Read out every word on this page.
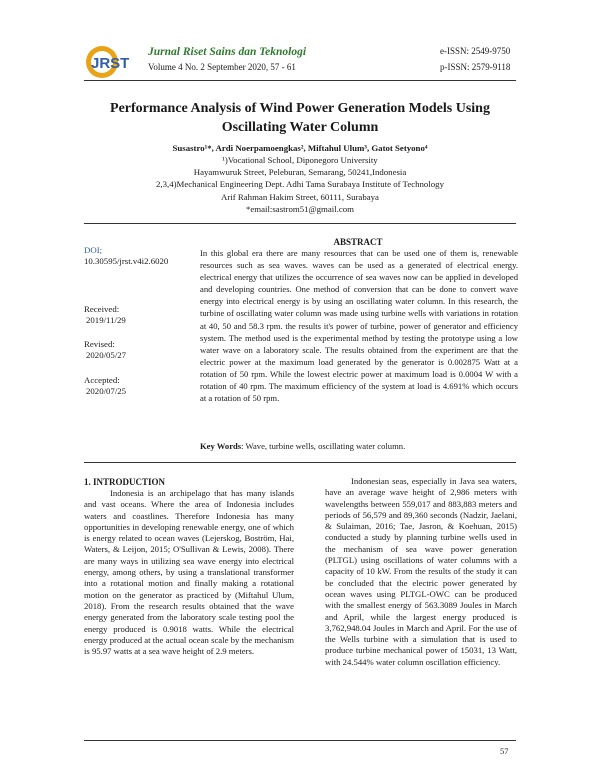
JRST
Jurnal Riset Sains dan Teknologi
Volume 4 No. 2 September 2020, 57 - 61
e-ISSN: 2549-9750
p-ISSN: 2579-9118
Performance Analysis of Wind Power Generation Models Using
Oscillating Water Column
Susastro¹*, Ardi Noerpamoengkas², Miftahul Ulum³, Gatot Setyono⁴
¹)Vocational School, Diponegoro University
Hayamwuruk Street, Peleburan, Semarang, 50241,Indonesia
2,3,4)Mechanical Engineering Dept. Adhi Tama Surabaya Institute of Technology
Arif Rahman Hakim Street, 60111, Surabaya
*email:sastrom51@gmail.com
ABSTRACT
DOI;
10.30595/jrst.v4i2.6020
Received:
2019/11/29
Revised:
2020/05/27
Accepted:
2020/07/25
In this global era there are many resources that can be used one of them is, renewable resources such as sea waves. waves can be used as a generated of electrical energy. electrical energy that utilizes the occurrence of sea waves now can be applied in developed and developing countries. One method of conversion that can be done to convert wave energy into electrical energy is by using an oscillating water column. In this research, the turbine of oscillating water column was made using turbine wells with variations in rotation at 40, 50 and 58.3 rpm. the results it's power of turbine, power of generator and efficiency system. The method used is the experimental method by testing the prototype using a low water wave on a laboratory scale. The results obtained from the experiment are that the electric power at the maximum load generated by the generator is 0.002875 Watt at a rotation of 50 rpm. While the lowest electric power at maximum load is 0.0004 W with a rotation of 40 rpm. The maximum efficiency of the system at load is 4.691% which occurs at a rotation of 50 rpm.
Key Words: Wave, turbine wells, oscillating water column.
1. INTRODUCTION

Indonesia is an archipelago that has many islands and vast oceans. Where the area of Indonesia includes waters and coastlines. Therefore Indonesia has many opportunities in developing renewable energy, one of which is energy related to ocean waves (Lejerskog, Boström, Hai, Waters, & Leijon, 2015; O'Sullivan & Lewis, 2008). There are many ways in utilizing sea wave energy into electrical energy, among others, by using a translational transformer into a rotational motion and finally making a rotational motion on the generator as practiced by (Miftahul Ulum, 2018). From the research results obtained that the wave energy generated from the laboratory scale testing pool the energy produced is 0.9018 watts. While the electrical energy produced at the actual ocean scale by the mechanism is 95.97 watts at a sea wave height of 2.9 meters.

Indonesian seas, especially in Java sea waters, have an average wave height of 2,986 meters with wavelengths between 559,017 and 883,883 meters and periods of 56,579 and 89,360 seconds (Nadzir, Jaelani, & Sulaiman, 2016; Tae, Jasron, & Koehuan, 2015) conducted a study by planning turbine wells used in the mechanism of sea wave power generation (PLTGL) using oscillations of water columns with a capacity of 10 kW. From the results of the study it can be concluded that the electric power generated by ocean waves using PLTGL-OWC can be produced with the smallest energy of 563.3089 Joules in March and April, while the largest energy produced is 3,762,948.04 Joules in March and April. For the use of the Wells turbine with a simulation that is used to produce turbine mechanical power of 15031, 13 Watt, with 24.544% water column oscillation efficiency.

57
